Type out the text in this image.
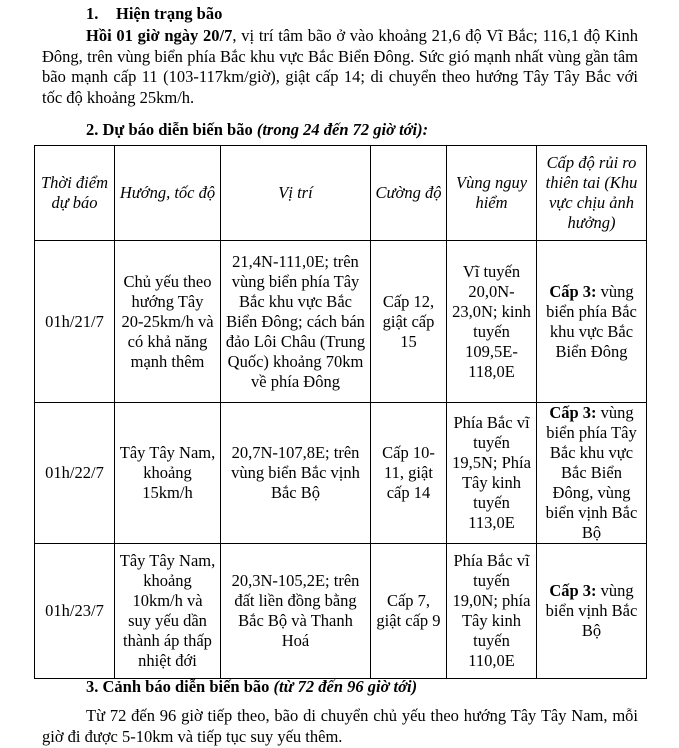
1. Hiện trạng bão
Hồi 01 giờ ngày 20/7, vị trí tâm bão ở vào khoảng 21,6 độ Vĩ Bắc; 116,1 độ Kinh Đông, trên vùng biển phía Bắc khu vực Bắc Biển Đông. Sức gió mạnh nhất vùng gần tâm bão mạnh cấp 11 (103-117km/giờ), giật cấp 14; di chuyển theo hướng Tây Tây Bắc với tốc độ khoảng 25km/h.
2. Dự báo diễn biến bão (trong 24 đến 72 giờ tới):
Thời điểm dự báo	Hướng, tốc độ	Vị trí	Cường độ	Vùng nguy hiểm	Cấp độ rủi ro thiên tai (Khu vực chịu ảnh hưởng)
01h/21/7	Chủ yếu theo hướng Tây 20-25km/h và có khả năng mạnh thêm	21,4N-111,0E; trên vùng biển phía Tây Bắc khu vực Bắc Biển Đông; cách bán đảo Lôi Châu (Trung Quốc) khoảng 70km về phía Đông	Cấp 12, giật cấp 15	Vĩ tuyến 20,0N-23,0N; kinh tuyến 109,5E-118,0E	Cấp 3: vùng biển phía Bắc khu vực Bắc Biển Đông
01h/22/7	Tây Tây Nam, khoảng 15km/h	20,7N-107,8E; trên vùng biển Bắc vịnh Bắc Bộ	Cấp 10-11, giật cấp 14	Phía Bắc vĩ tuyến 19,5N; Phía Tây kinh tuyến 113,0E	Cấp 3: vùng biển phía Tây Bắc khu vực Bắc Biển Đông, vùng biển vịnh Bắc Bộ
01h/23/7	Tây Tây Nam, khoảng 10km/h và suy yếu dần thành áp thấp nhiệt đới	20,3N-105,2E; trên đất liền đồng bằng Bắc Bộ và Thanh Hoá	Cấp 7, giật cấp 9	Phía Bắc vĩ tuyến 19,0N; phía Tây kinh tuyến 110,0E	Cấp 3: vùng biển vịnh Bắc Bộ
3. Cảnh báo diễn biến bão (từ 72 đến 96 giờ tới)
Từ 72 đến 96 giờ tiếp theo, bão di chuyển chủ yếu theo hướng Tây Tây Nam, mỗi giờ đi được 5-10km và tiếp tục suy yếu thêm.
